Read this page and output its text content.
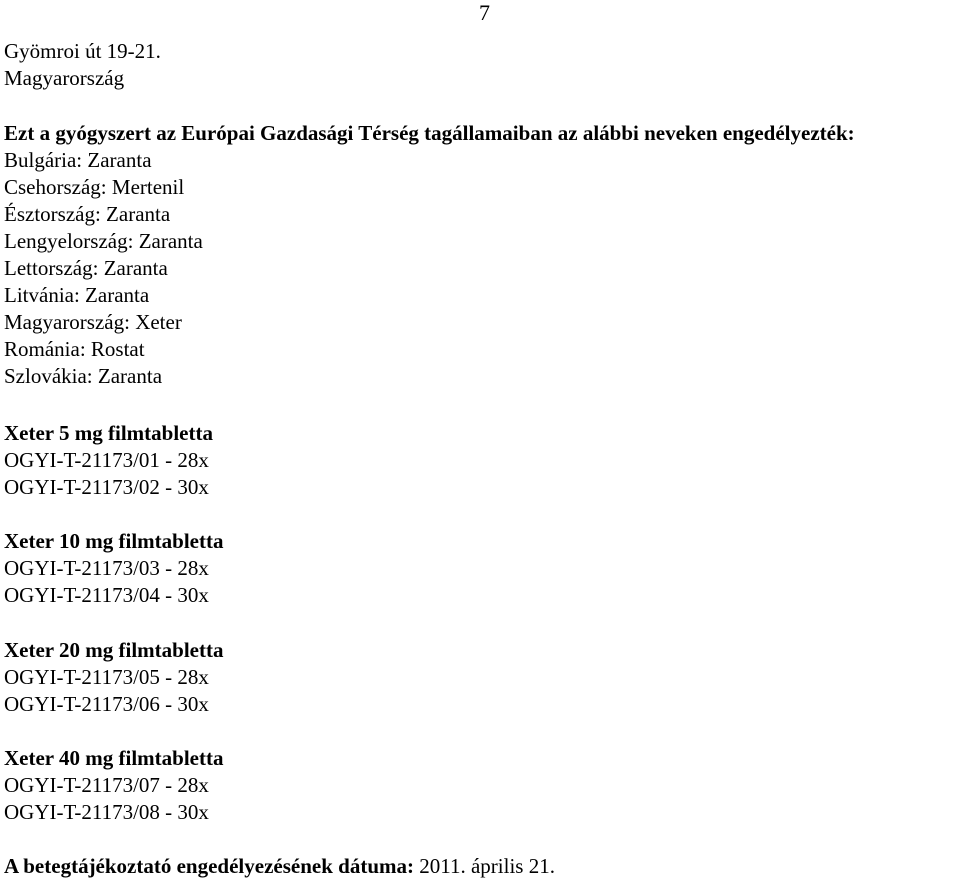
7
Gyömroi út 19-21.
Magyarország
Ezt a gyógyszert az Európai Gazdasági Térség tagállamaiban az alábbi neveken engedélyezték:
Bulgária: Zaranta
Csehország: Mertenil
Észtország: Zaranta
Lengyelország: Zaranta
Lettország: Zaranta
Litvánia: Zaranta
Magyarország: Xeter
Románia: Rostat
Szlovákia: Zaranta
Xeter 5 mg filmtabletta
OGYI-T-21173/01 - 28x
OGYI-T-21173/02 - 30x
Xeter 10 mg filmtabletta
OGYI-T-21173/03 - 28x
OGYI-T-21173/04 - 30x
Xeter 20 mg filmtabletta
OGYI-T-21173/05 - 28x
OGYI-T-21173/06 - 30x
Xeter 40 mg filmtabletta
OGYI-T-21173/07 - 28x
OGYI-T-21173/08 - 30x
A betegtájékoztató engedélyezésének dátuma: 2011. április 21.
